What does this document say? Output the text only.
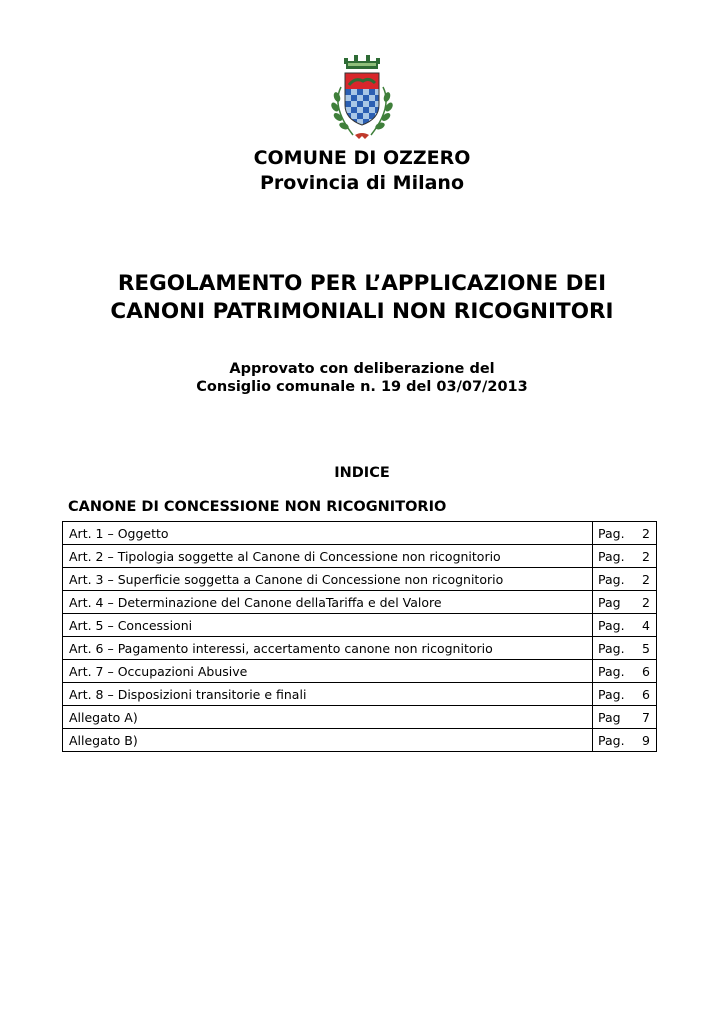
COMUNE DI OZZERO
Provincia di Milano
REGOLAMENTO PER L’APPLICAZIONE DEI
CANONI PATRIMONIALI NON RICOGNITORI
Approvato con deliberazione del
Consiglio comunale n. 19 del 03/07/2013
INDICE
CANONE DI CONCESSIONE NON RICOGNITORIO
Art. 1 – Oggetto	Pag. 2

Art. 2 – Tipologia soggette al Canone di Concessione non ricognitorio	Pag. 2

Art. 3 – Superficie soggetta a Canone di Concessione non ricognitorio	Pag. 2

Art. 4 – Determinazione del Canone dellaTariffa e del Valore	Pag 2

Art. 5 – Concessioni	Pag. 4

Art. 6 – Pagamento interessi, accertamento canone non ricognitorio	Pag. 5

Art. 7 – Occupazioni Abusive	Pag. 6

Art. 8 – Disposizioni transitorie e finali	Pag. 6

Allegato A)	Pag 7

Allegato B)	Pag. 9
